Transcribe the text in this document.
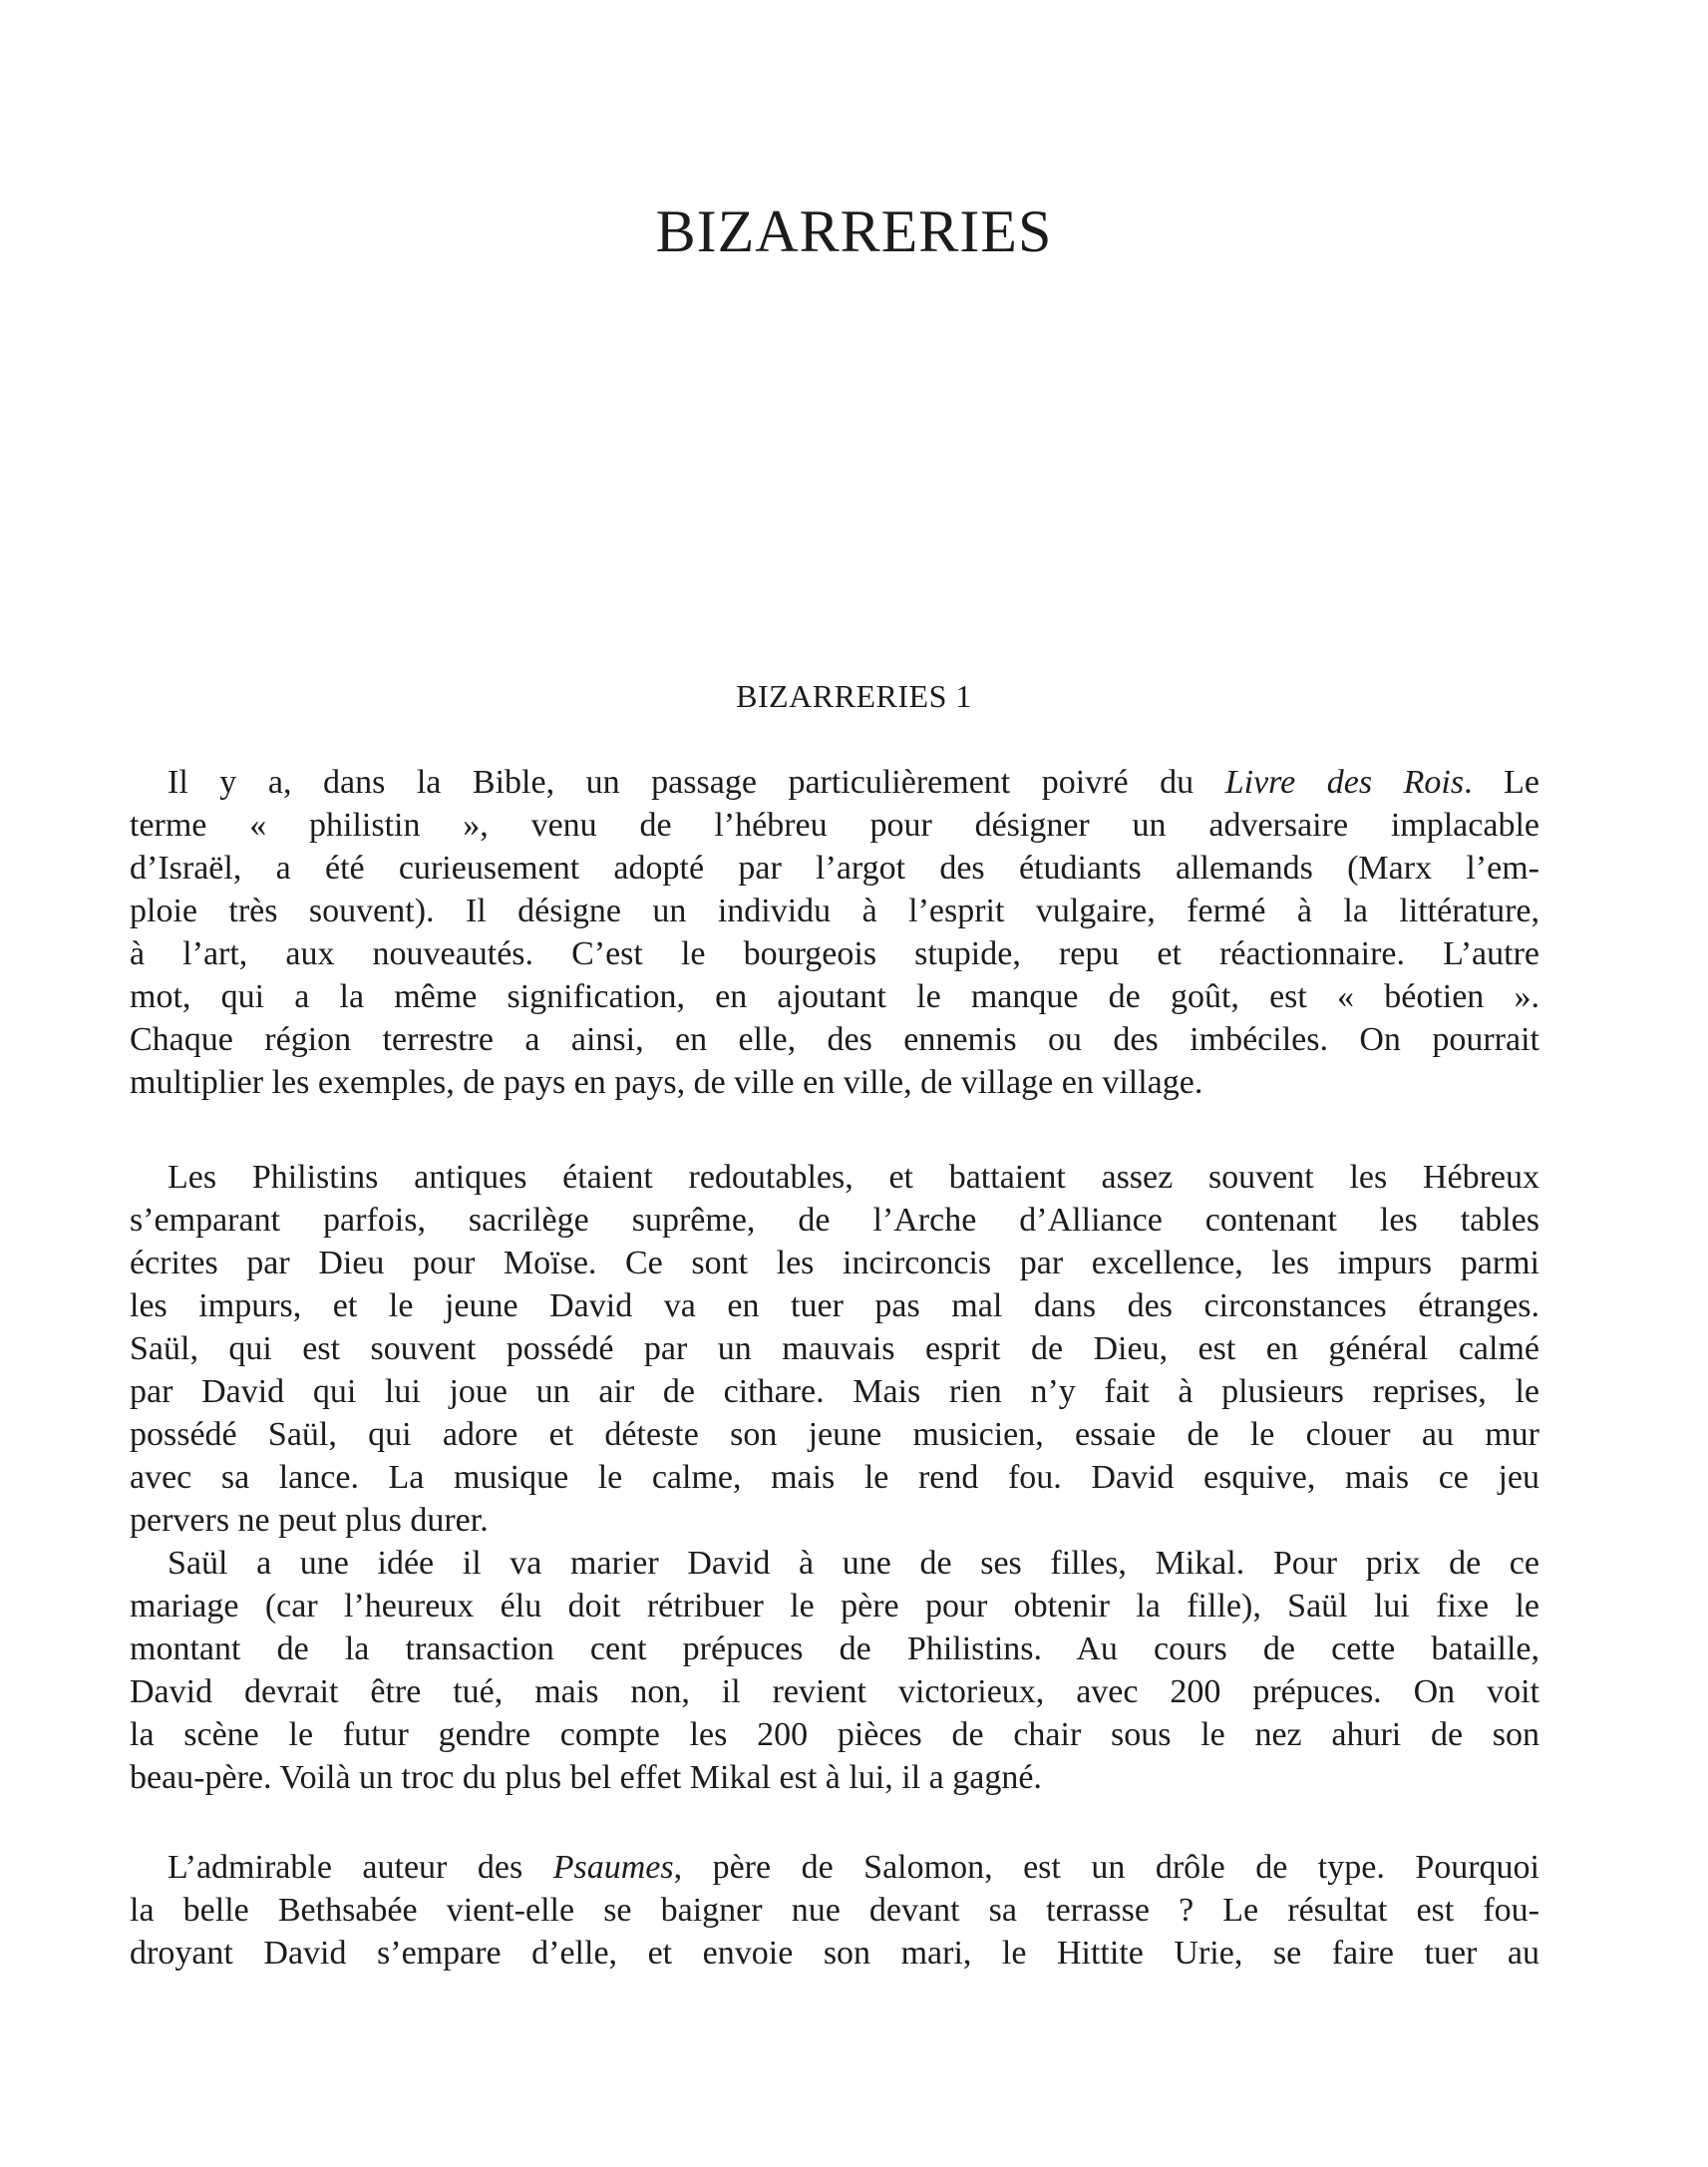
BIZARRERIES
BIZARRERIES 1
Il y a, dans la Bible, un passage particulièrement poivré du Livre des Rois. Le
terme « philistin », venu de l’hébreu pour désigner un adversaire implacable
d’Israël, a été curieusement adopté par l’argot des étudiants allemands (Marx l’em-
ploie très souvent). Il désigne un individu à l’esprit vulgaire, fermé à la littérature,
à l’art, aux nouveautés. C’est le bourgeois stupide, repu et réactionnaire. L’autre
mot, qui a la même signification, en ajoutant le manque de goût, est « béotien ».
Chaque région terrestre a ainsi, en elle, des ennemis ou des imbéciles. On pourrait
multiplier les exemples, de pays en pays, de ville en ville, de village en village.
Les Philistins antiques étaient redoutables, et battaient assez souvent les Hébreux
s’emparant parfois, sacrilège suprême, de l’Arche d’Alliance contenant les tables
écrites par Dieu pour Moïse. Ce sont les incirconcis par excellence, les impurs parmi
les impurs, et le jeune David va en tuer pas mal dans des circonstances étranges.
Saül, qui est souvent possédé par un mauvais esprit de Dieu, est en général calmé
par David qui lui joue un air de cithare. Mais rien n’y fait à plusieurs reprises, le
possédé Saül, qui adore et déteste son jeune musicien, essaie de le clouer au mur
avec sa lance. La musique le calme, mais le rend fou. David esquive, mais ce jeu
pervers ne peut plus durer.
Saül a une idée il va marier David à une de ses filles, Mikal. Pour prix de ce
mariage (car l’heureux élu doit rétribuer le père pour obtenir la fille), Saül lui fixe le
montant de la transaction cent prépuces de Philistins. Au cours de cette bataille,
David devrait être tué, mais non, il revient victorieux, avec 200 prépuces. On voit
la scène le futur gendre compte les 200 pièces de chair sous le nez ahuri de son
beau-père. Voilà un troc du plus bel effet Mikal est à lui, il a gagné.
L’admirable auteur des Psaumes, père de Salomon, est un drôle de type. Pourquoi
la belle Bethsabée vient-elle se baigner nue devant sa terrasse ? Le résultat est fou-
droyant David s’empare d’elle, et envoie son mari, le Hittite Urie, se faire tuer au
